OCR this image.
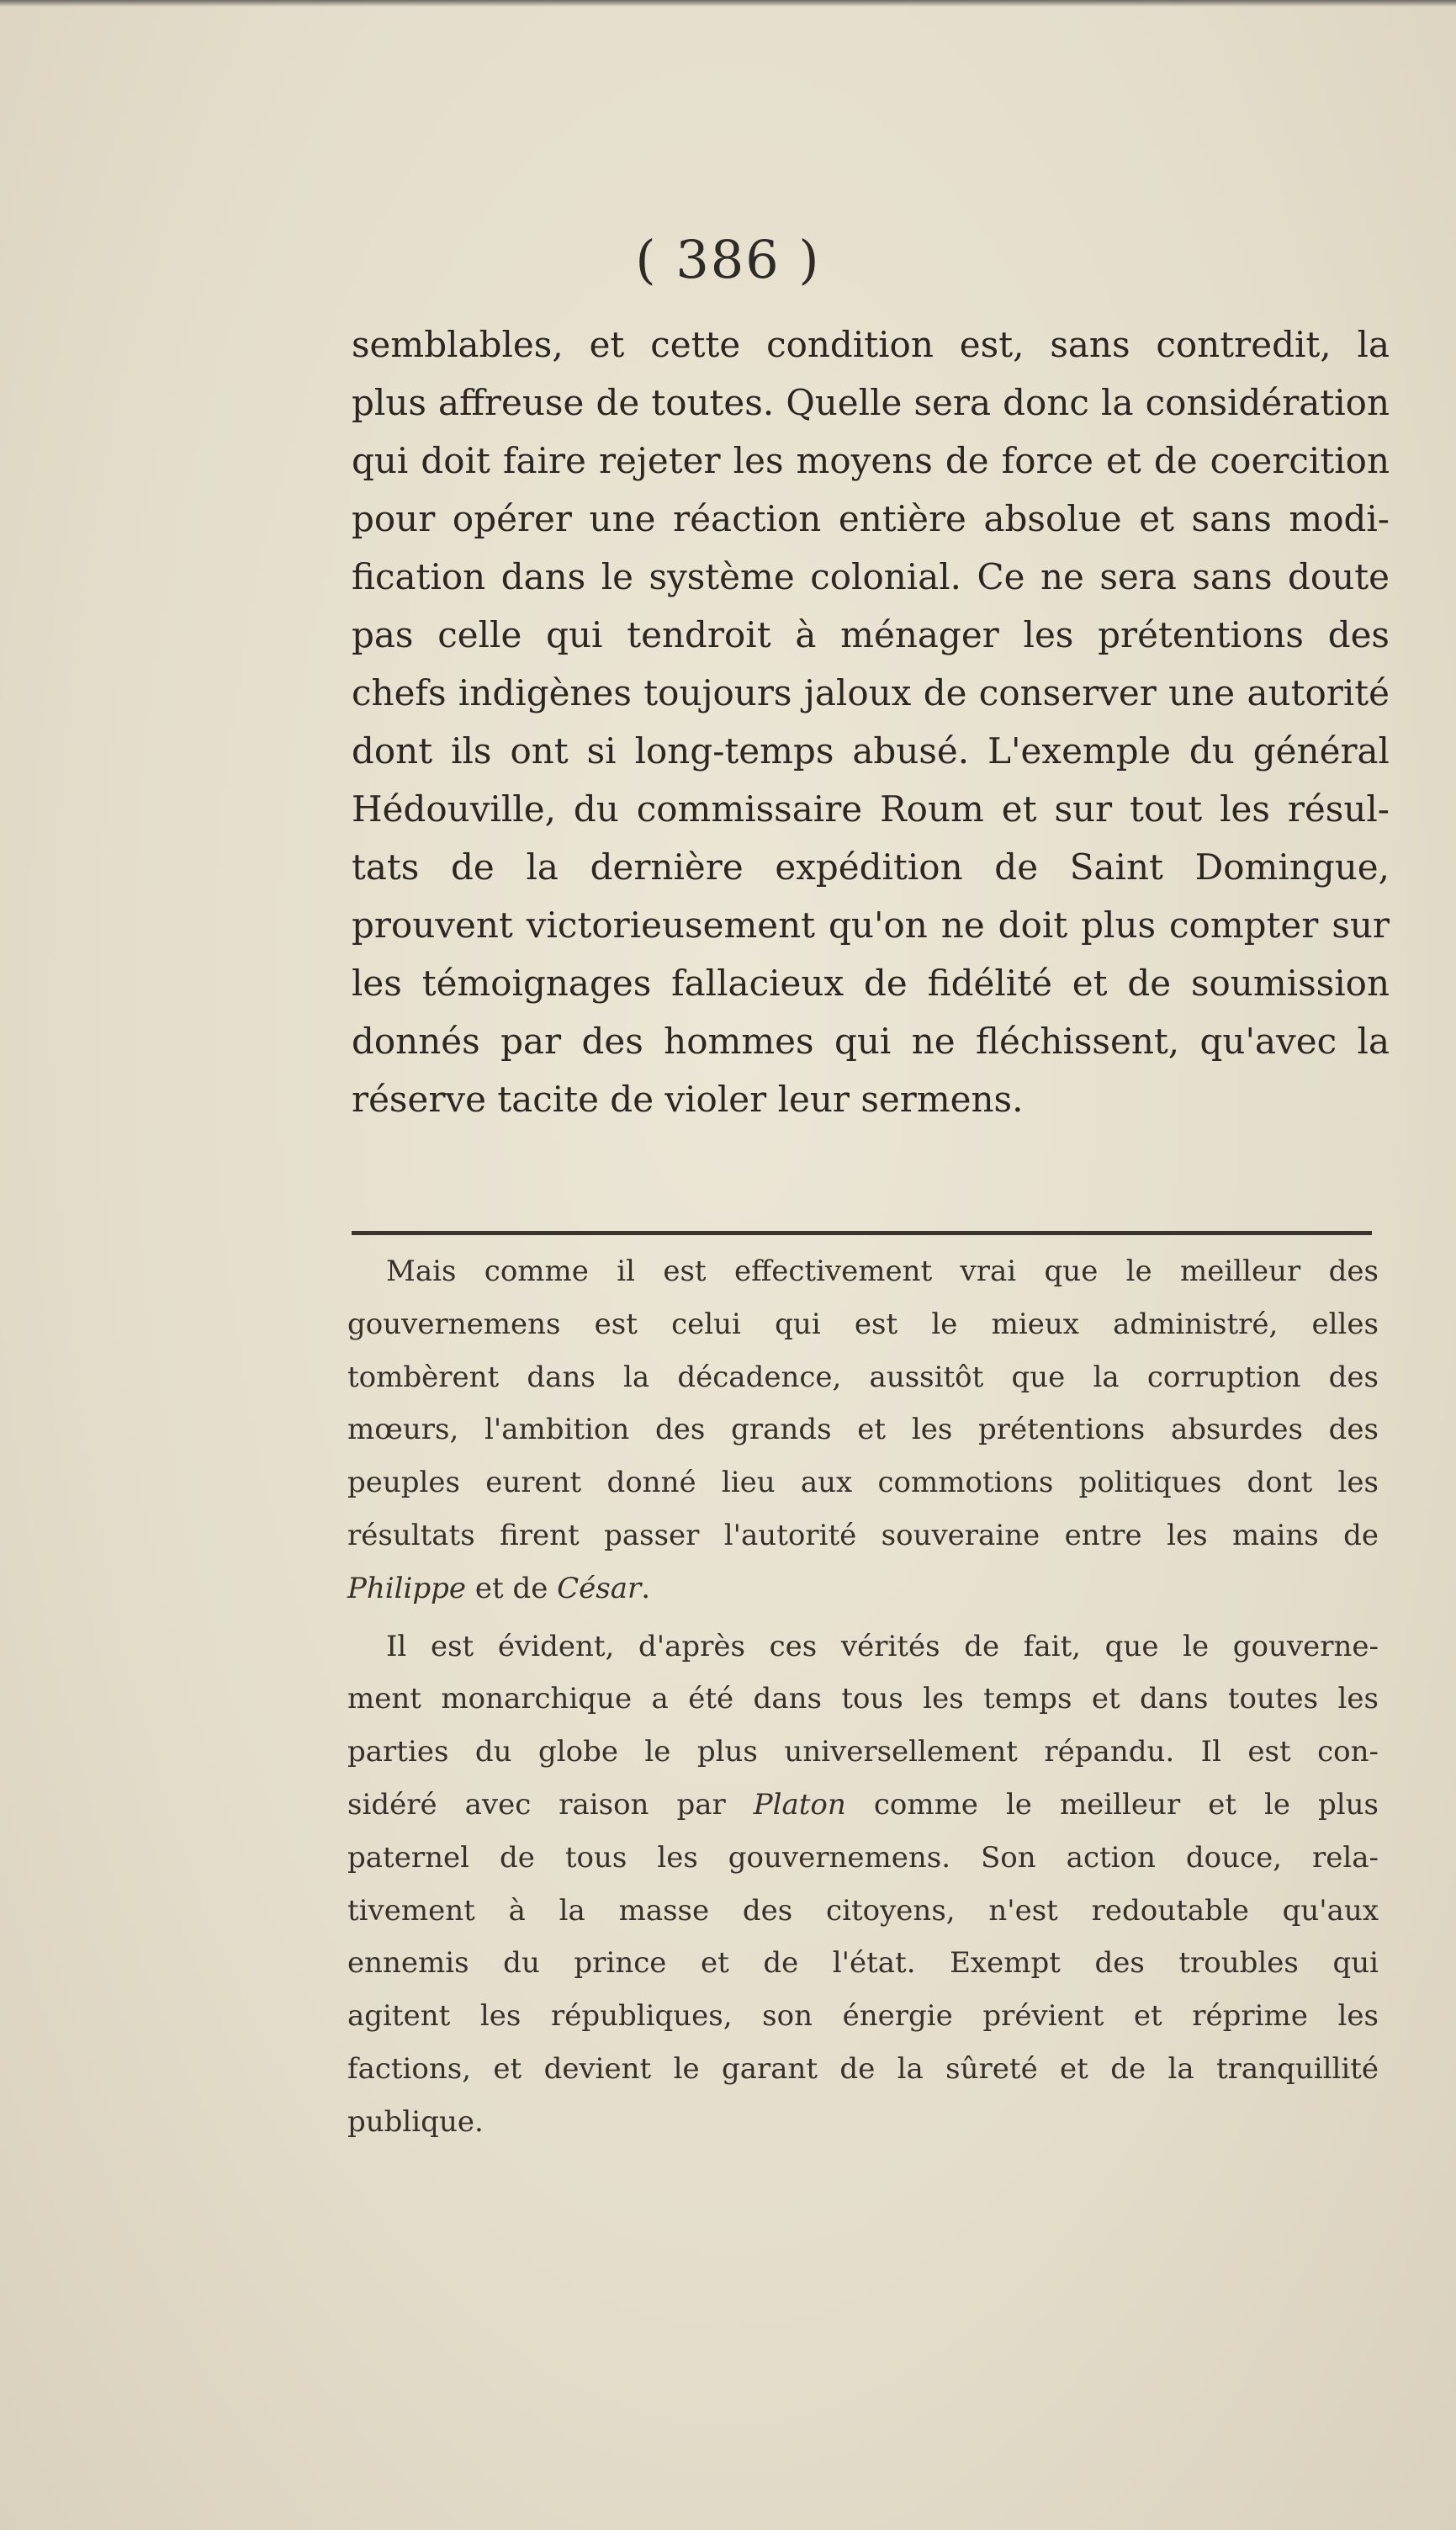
( 386 )
semblables, et cette condition est, sans contredit, la
plus affreuse de toutes. Quelle sera donc la considération
qui doit faire rejeter les moyens de force et de coercition
pour opérer une réaction entière absolue et sans modi-
fication dans le système colonial. Ce ne sera sans doute
pas celle qui tendroit à ménager les prétentions des
chefs indigènes toujours jaloux de conserver une autorité
dont ils ont si long-temps abusé. L'exemple du général
Hédouville, du commissaire Roum et sur tout les résul-
tats de la dernière expédition de Saint Domingue,
prouvent victorieusement qu'on ne doit plus compter sur
les témoignages fallacieux de fidélité et de soumission
donnés par des hommes qui ne fléchissent, qu'avec la
réserve tacite de violer leur sermens.
Mais comme il est effectivement vrai que le meilleur des
gouvernemens est celui qui est le mieux administré, elles
tombèrent dans la décadence, aussitôt que la corruption des
mœurs, l'ambition des grands et les prétentions absurdes des
peuples eurent donné lieu aux commotions politiques dont les
résultats firent passer l'autorité souveraine entre les mains de
Philippe et de César.
Il est évident, d'après ces vérités de fait, que le gouverne-
ment monarchique a été dans tous les temps et dans toutes les
parties du globe le plus universellement répandu. Il est con-
sidéré avec raison par Platon comme le meilleur et le plus
paternel de tous les gouvernemens. Son action douce, rela-
tivement à la masse des citoyens, n'est redoutable qu'aux
ennemis du prince et de l'état. Exempt des troubles qui
agitent les républiques, son énergie prévient et réprime les
factions, et devient le garant de la sûreté et de la tranquillité
publique.
